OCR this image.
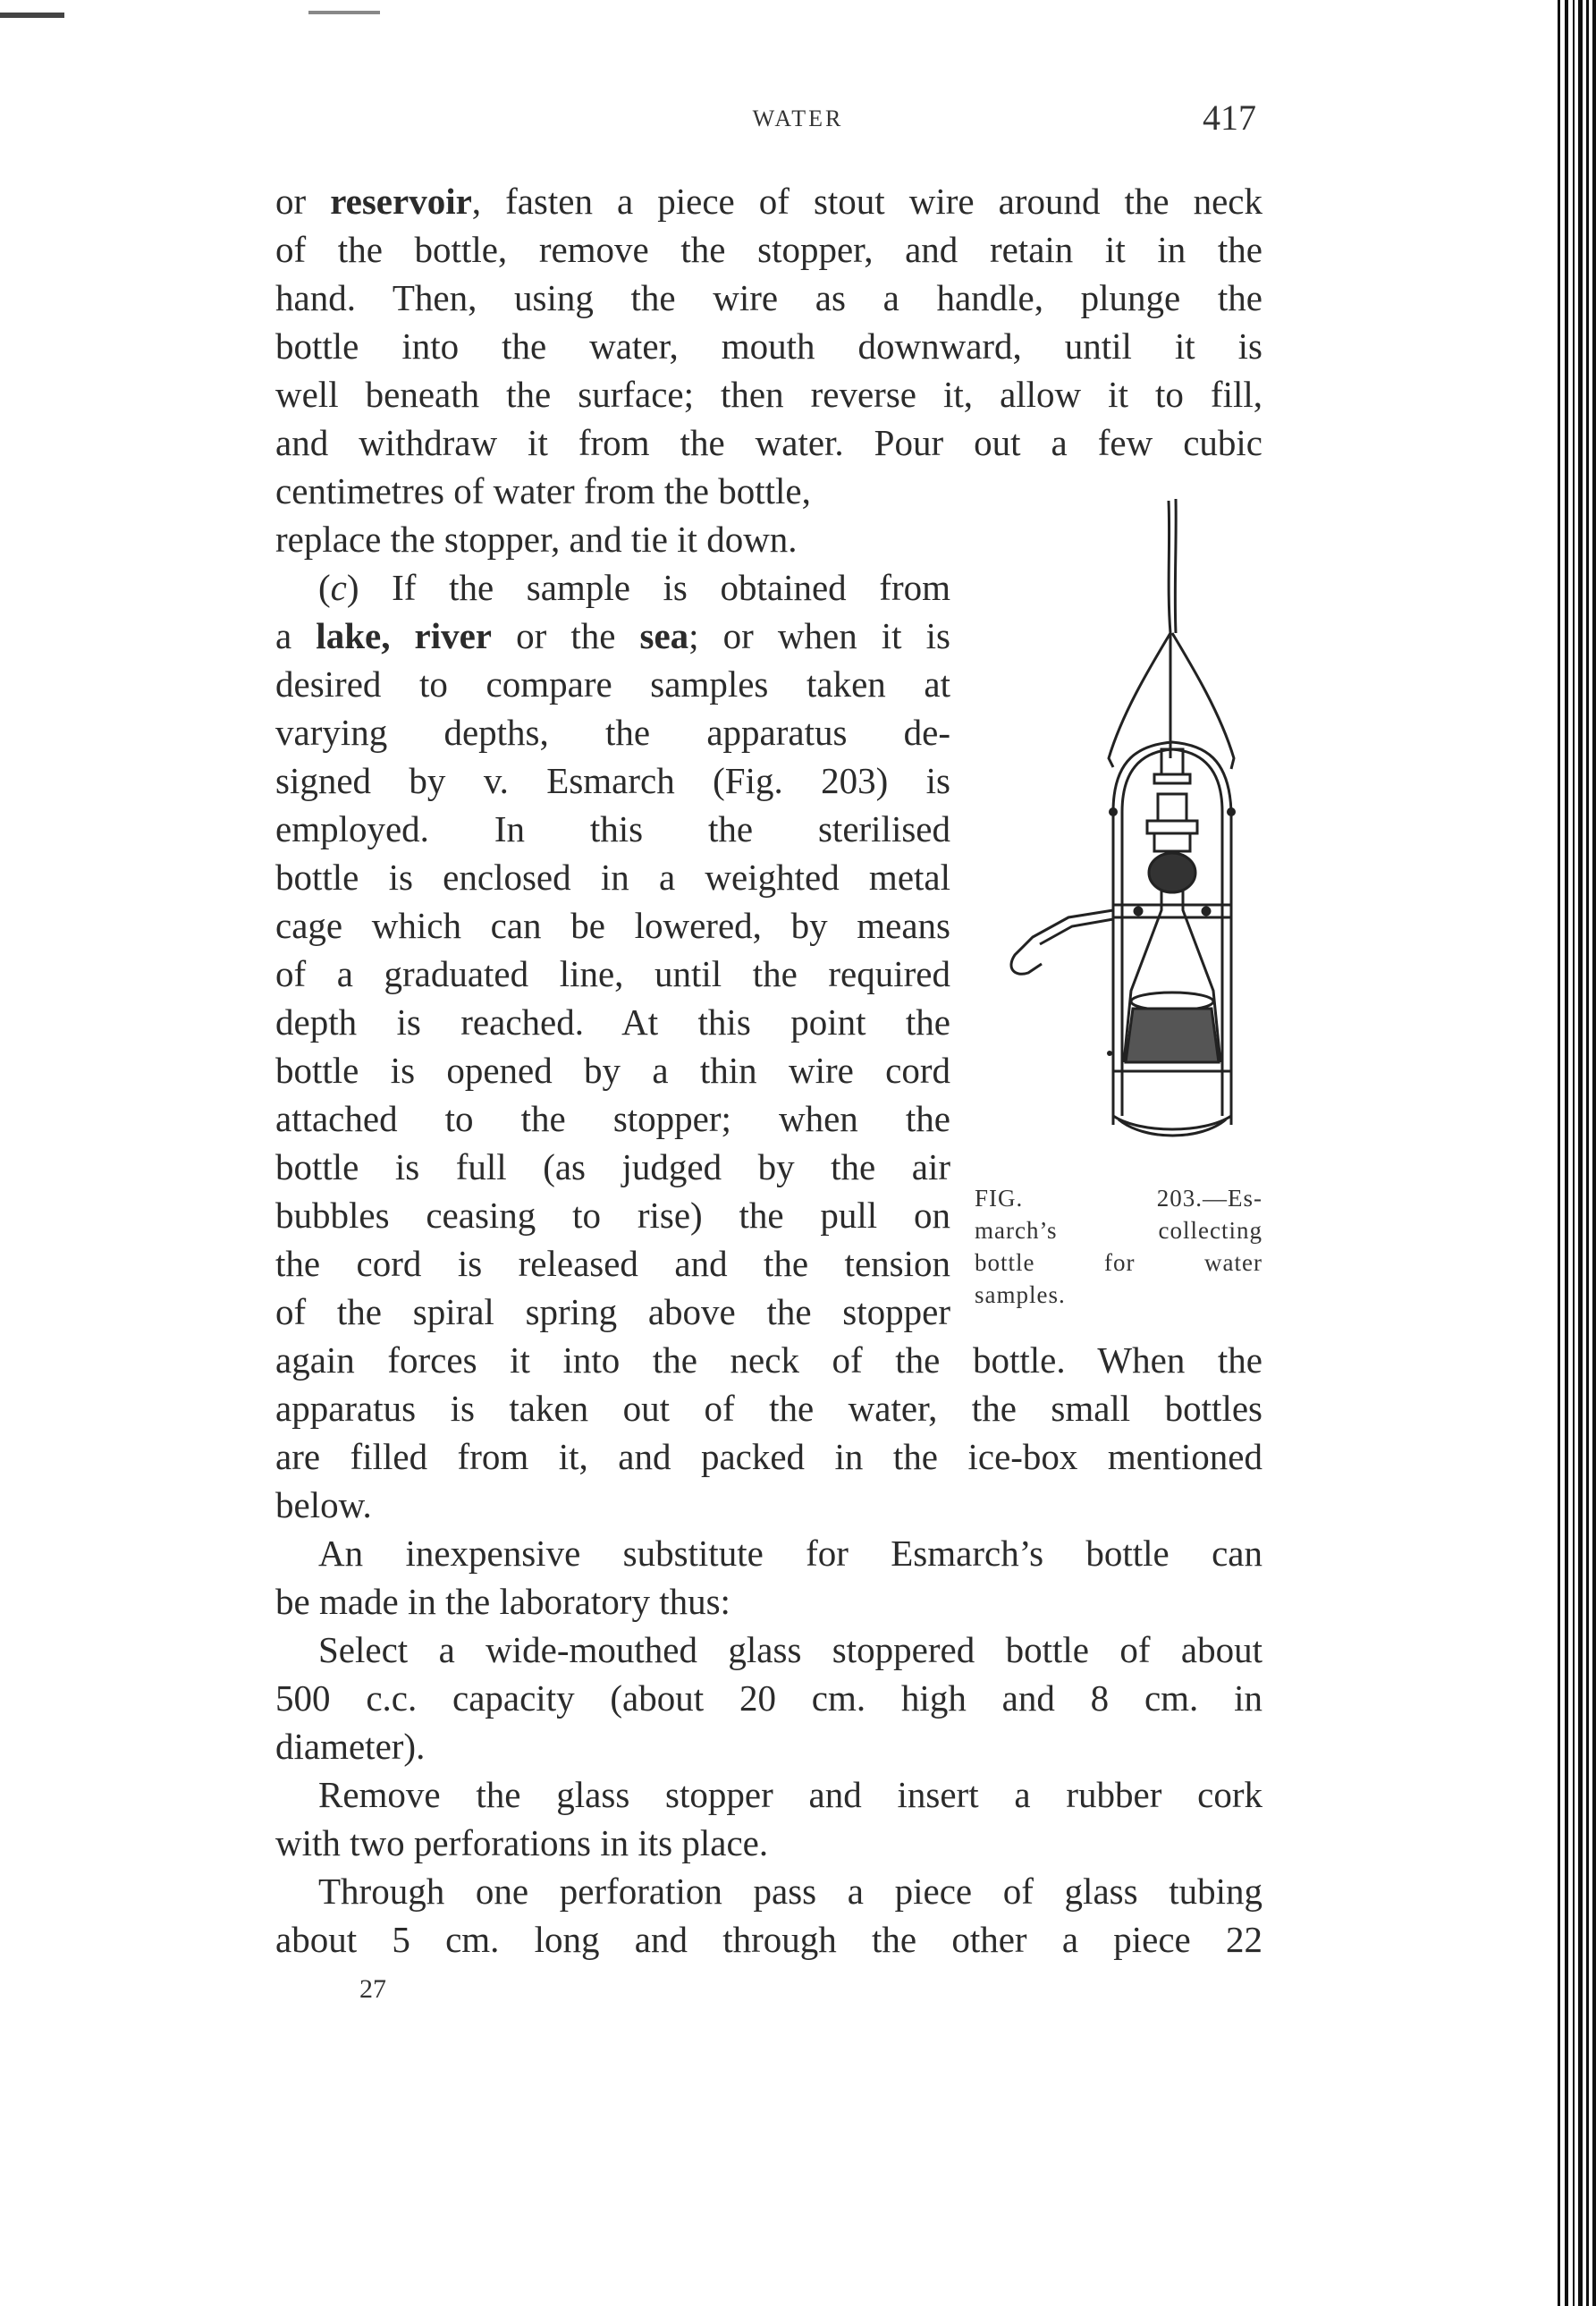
WATER	417
or reservoir, fasten a piece of stout wire around the neck
of the bottle, remove the stopper, and retain it in the
hand. Then, using the wire as a handle, plunge the
bottle into the water, mouth downward, until it is
well beneath the surface; then reverse it, allow it to fill,
and withdraw it from the water. Pour out a few cubic
centimetres of water from the bottle,
replace the stopper, and tie it down.
(c) If the sample is obtained from
a lake, river or the sea; or when it is
desired to compare samples taken at
varying depths, the apparatus de-
signed by v. Esmarch (Fig. 203) is
employed. In this the sterilised
bottle is enclosed in a weighted metal
cage which can be lowered, by means
of a graduated line, until the required
depth is reached. At this point the
bottle is opened by a thin wire cord
attached to the stopper; when the
bottle is full (as judged by the air
bubbles ceasing to rise) the pull on
the cord is released and the tension
of the spiral spring above the stopper
again forces it into the neck of the bottle. When the
apparatus is taken out of the water, the small bottles
are filled from it, and packed in the ice-box mentioned
below.
An inexpensive substitute for Esmarch’s bottle can
be made in the laboratory thus:
Select a wide-mouthed glass stoppered bottle of about
500 c.c. capacity (about 20 cm. high and 8 cm. in
diameter).
Remove the glass stopper and insert a rubber cork
with two perforations in its place.
Through one perforation pass a piece of glass tubing
about 5 cm. long and through the other a piece 22
27
FIG. 203.—Es-
march’s collecting
bottle for water
samples.
